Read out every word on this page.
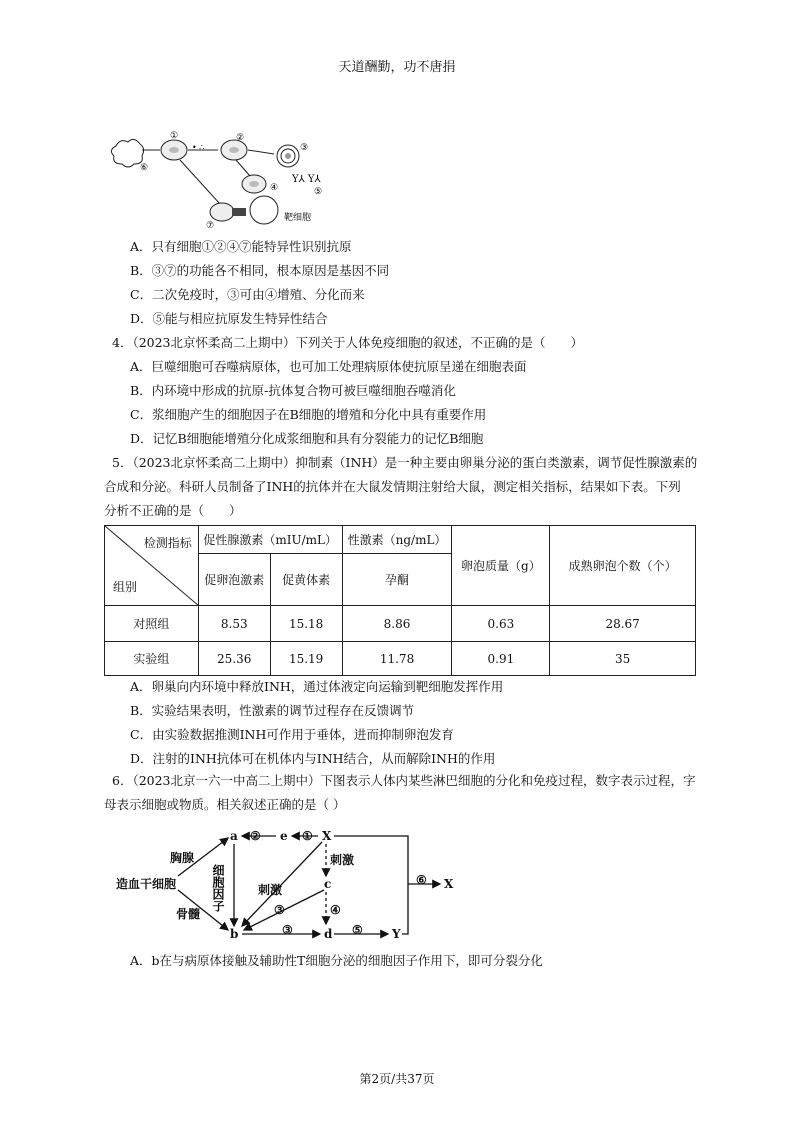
天道酬勤，功不唐捐
⑥
①
• ∴
②
③
Y⅄ Y⅄
⑤
④
⑦
靶细胞
A．只有细胞①②④⑦能特异性识别抗原
B．③⑦的功能各不相同，根本原因是基因不同
C．二次免疫时，③可由④增殖、分化而来
D．⑤能与相应抗原发生特异性结合
4．（2023北京怀柔高二上期中）下列关于人体免疫细胞的叙述，不正确的是（　　）
A．巨噬细胞可吞噬病原体，也可加工处理病原体使抗原呈递在细胞表面
B．内环境中形成的抗原-抗体复合物可被巨噬细胞吞噬消化
C．浆细胞产生的细胞因子在B细胞的增殖和分化中具有重要作用
D．记忆B细胞能增殖分化成浆细胞和具有分裂能力的记忆B细胞
5．（2023北京怀柔高二上期中）抑制素（INH）是一种主要由卵巢分泌的蛋白类激素，调节促性腺激素的
合成和分泌。科研人员制备了INH的抗体并在大鼠发情期注射给大鼠，测定相关指标，结果如下表。下列
分析不正确的是（　　）
检测指标
组别	促性腺激素（mIU/mL）		性激素（ng/mL）	卵泡质量（g）	成熟卵泡个数（个）
	促卵泡激素	促黄体素	孕酮		
对照组	8.53	15.18	8.86	0.63	28.67
实验组	25.36	15.19	11.78	0.91	35
A．卵巢向内环境中释放INH，通过体液定向运输到靶细胞发挥作用
B．实验结果表明，性激素的调节过程存在反馈调节
C．由实验数据推测INH可作用于垂体，进而抑制卵泡发育
D．注射的INH抗体可在机体内与INH结合，从而解除INH的作用
6．（2023北京一六一中高二上期中）下图表示人体内某些淋巴细胞的分化和免疫过程，数字表示过程，字
母表示细胞或物质。相关叙述正确的是（ ）
造血干细胞
胸腺
骨髓
a
b
e	X
c
d	Y
X
刺激
刺激
①
②
③
③
④
⑤
⑥
细胞因子
A．b在与病原体接触及辅助性T细胞分泌的细胞因子作用下，即可分裂分化
第2页/共37页
